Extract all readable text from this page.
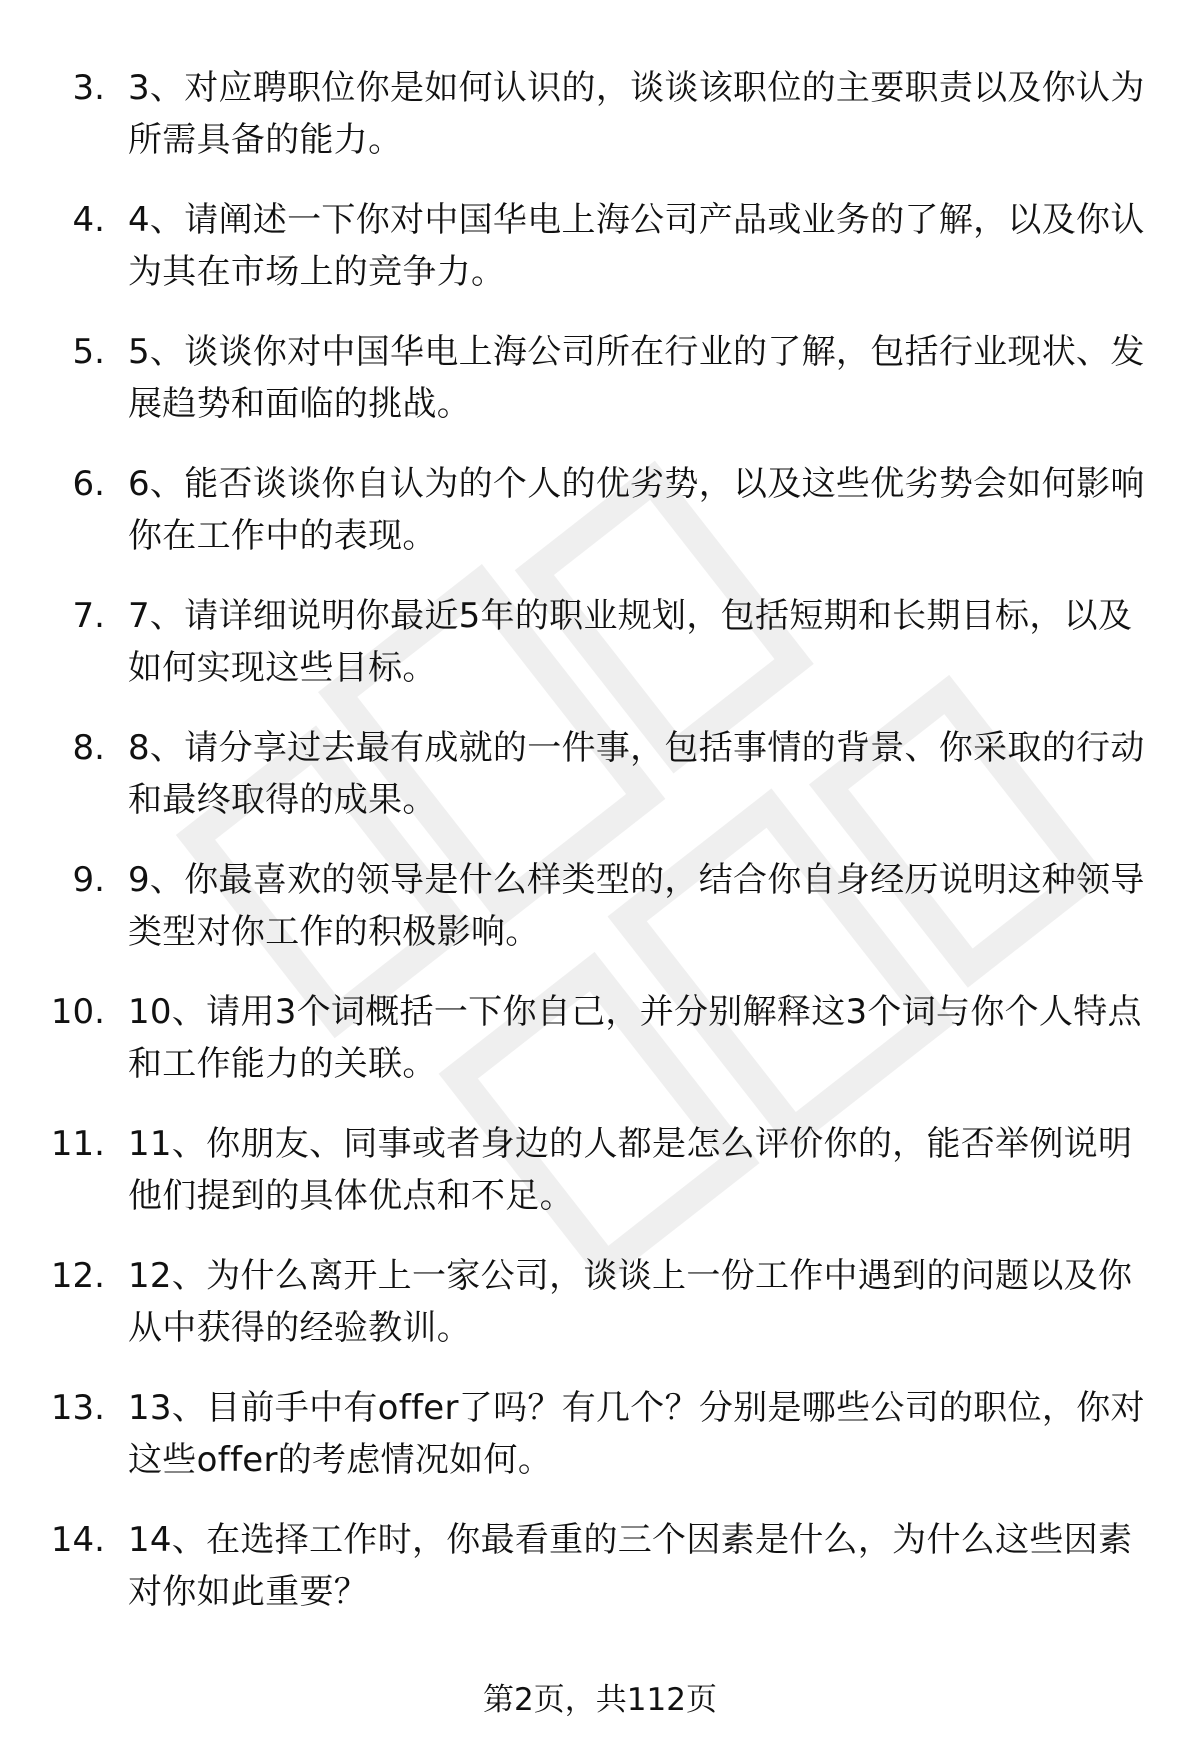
3. 3、对应聘职位你是如何认识的，谈谈该职位的主要职责以及你认为所需具备的能力。
4. 4、请阐述一下你对中国华电上海公司产品或业务的了解，以及你认为其在市场上的竞争力。
5. 5、谈谈你对中国华电上海公司所在行业的了解，包括行业现状、发展趋势和面临的挑战。
6. 6、能否谈谈你自认为的个人的优劣势，以及这些优劣势会如何影响你在工作中的表现。
7. 7、请详细说明你最近5年的职业规划，包括短期和长期目标，以及如何实现这些目标。
8. 8、请分享过去最有成就的一件事，包括事情的背景、你采取的行动和最终取得的成果。
9. 9、你最喜欢的领导是什么样类型的，结合你自身经历说明这种领导类型对你工作的积极影响。
10. 10、请用3个词概括一下你自己，并分别解释这3个词与你个人特点和工作能力的关联。
11. 11、你朋友、同事或者身边的人都是怎么评价你的，能否举例说明他们提到的具体优点和不足。
12. 12、为什么离开上一家公司，谈谈上一份工作中遇到的问题以及你从中获得的经验教训。
13. 13、目前手中有offer了吗？有几个？分别是哪些公司的职位，你对这些offer的考虑情况如何。
14. 14、在选择工作时，你最看重的三个因素是什么，为什么这些因素对你如此重要？
第2页，共112页
